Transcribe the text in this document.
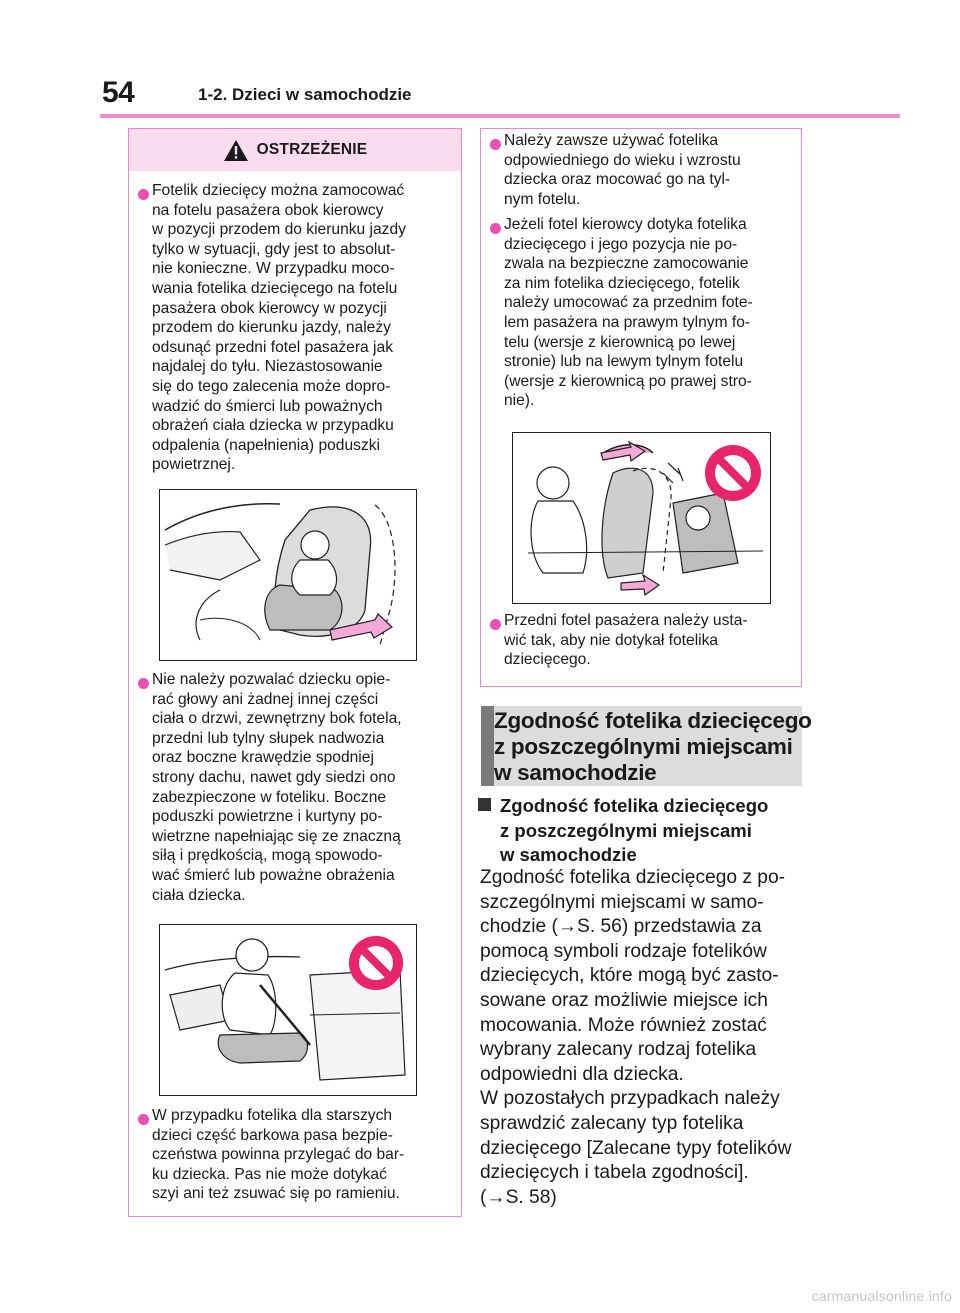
54	1-2. Dzieci w samochodzie
OSTRZEŻENIE
Fotelik dziecięcy można zamocować
na fotelu pasażera obok kierowcy
w pozycji przodem do kierunku jazdy
tylko w sytuacji, gdy jest to absolut-
nie konieczne. W przypadku moco-
wania fotelika dziecięcego na fotelu
pasażera obok kierowcy w pozycji
przodem do kierunku jazdy, należy
odsunąć przedni fotel pasażera jak
najdalej do tyłu. Niezastosowanie
się do tego zalecenia może dopro-
wadzić do śmierci lub poważnych
obrażeń ciała dziecka w przypadku
odpalenia (napełnienia) poduszki
powietrznej.
Nie należy pozwalać dziecku opie-
rać głowy ani żadnej innej części
ciała o drzwi, zewnętrzny bok fotela,
przedni lub tylny słupek nadwozia
oraz boczne krawędzie spodniej
strony dachu, nawet gdy siedzi ono
zabezpieczone w foteliku. Boczne
poduszki powietrzne i kurtyny po-
wietrzne napełniając się ze znaczną
siłą i prędkością, mogą spowodo-
wać śmierć lub poważne obrażenia
ciała dziecka.
W przypadku fotelika dla starszych
dzieci część barkowa pasa bezpie-
czeństwa powinna przylegać do bar-
ku dziecka. Pas nie może dotykać
szyi ani też zsuwać się po ramieniu.
Należy zawsze używać fotelika
odpowiedniego do wieku i wzrostu
dziecka oraz mocować go na tyl-
nym fotelu.
Jeżeli fotel kierowcy dotyka fotelika
dziecięcego i jego pozycja nie po-
zwala na bezpieczne zamocowanie
za nim fotelika dziecięcego, fotelik
należy umocować za przednim fote-
lem pasażera na prawym tylnym fo-
telu (wersje z kierownicą po lewej
stronie) lub na lewym tylnym fotelu
(wersje z kierownicą po prawej stro-
nie).
Przedni fotel pasażera należy usta-
wić tak, aby nie dotykał fotelika
dziecięcego.
Zgodność fotelika dziecięcego
z poszczególnymi miejscami
w samochodzie
Zgodność fotelika dziecięcego
z poszczególnymi miejscami
w samochodzie
Zgodność fotelika dziecięcego z po-
szczególnymi miejscami w samo-
chodzie (→S. 56) przedstawia za
pomocą symboli rodzaje fotelików
dziecięcych, które mogą być zasto-
sowane oraz możliwie miejsce ich
mocowania. Może również zostać
wybrany zalecany rodzaj fotelika
odpowiedni dla dziecka.
W pozostałych przypadkach należy
sprawdzić zalecany typ fotelika
dziecięcego [Zalecane typy fotelików
dziecięcych i tabela zgodności].
(→S. 58)
carmanualsonline.info
